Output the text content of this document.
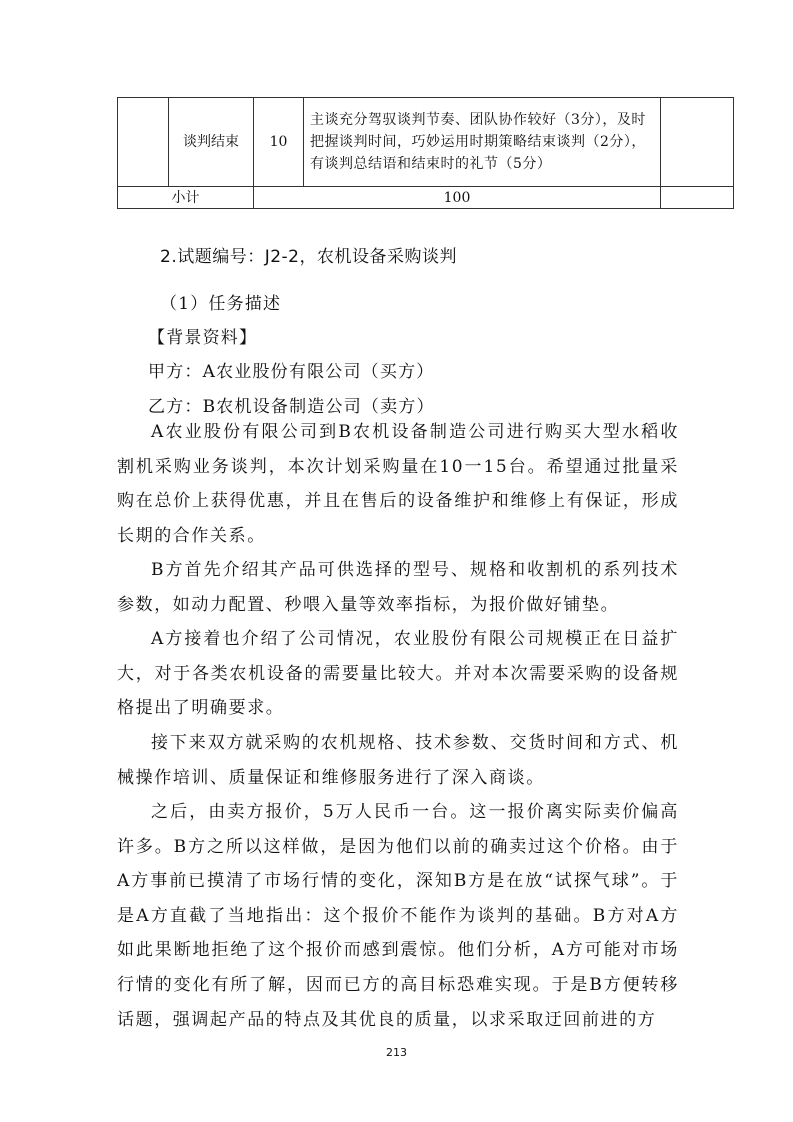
	谈判结束	10	主谈充分驾驭谈判节奏、团队协作较好（3分），及时把握谈判时间，巧妙运用时期策略结束谈判（2分），有谈判总结语和结束时的礼节（5分）	
小计		100		
2.试题编号：J2-2，农机设备采购谈判
（1）任务描述
【背景资料】
甲方：A农业股份有限公司（买方）
乙方：B农机设备制造公司（卖方）
A农业股份有限公司到B农机设备制造公司进行购买大型水稻收割机采购业务谈判，本次计划采购量在10一15台。希望通过批量采购在总价上获得优惠，并且在售后的设备维护和维修上有保证，形成长期的合作关系。
B方首先介绍其产品可供选择的型号、规格和收割机的系列技术参数，如动力配置、秒喂入量等效率指标，为报价做好铺垫。
A方接着也介绍了公司情况，农业股份有限公司规模正在日益扩大，对于各类农机设备的需要量比较大。并对本次需要采购的设备规格提出了明确要求。
接下来双方就采购的农机规格、技术参数、交货时间和方式、机械操作培训、质量保证和维修服务进行了深入商谈。
之后，由卖方报价，5万人民币一台。这一报价离实际卖价偏高许多。B方之所以这样做，是因为他们以前的确卖过这个价格。由于A方事前已摸清了市场行情的变化，深知B方是在放“试探气球”。于是A方直截了当地指出：这个报价不能作为谈判的基础。B方对A方如此果断地拒绝了这个报价而感到震惊。他们分析，A方可能对市场行情的变化有所了解，因而已方的高目标恐难实现。于是B方便转移话题，强调起产品的特点及其优良的质量，以求采取迂回前进的方
213
